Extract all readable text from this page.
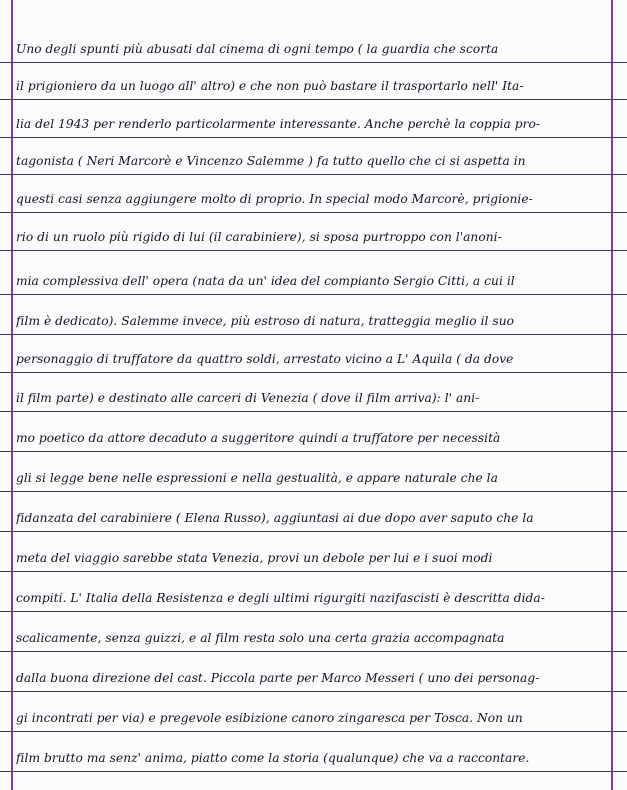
Uno degli spunti più abusati dal cinema di ogni tempo ( la guardia che scorta
il prigioniero da un luogo all' altro) e che non può bastare il trasportarlo nell' Ita-
lia del 1943 per renderlo particolarmente interessante. Anche perchè la coppia pro-
tagonista ( Neri Marcorè e Vincenzo Salemme ) fa tutto quello che ci si aspetta in
questi casi senza aggiungere molto di proprio. In special modo Marcorè, prigionie-
rio di un ruolo più rigido di lui (il carabiniere), si sposa purtroppo con l'anoni-
mia complessiva dell' opera (nata da un' idea del compianto Sergio Citti, a cui il
film è dedicato). Salemme invece, più estroso di natura, tratteggia meglio il suo
personaggio di truffatore da quattro soldi, arrestato vicino a L' Aquila ( da dove
il film parte) e destinato alle carceri di Venezia ( dove il film arriva): l' ani-
mo poetico da attore decaduto a suggeritore quindi a truffatore per necessità
gli si legge bene nelle espressioni e nella gestualità, e appare naturale che la
fidanzata del carabiniere ( Elena Russo), aggiuntasi ai due dopo aver saputo che la
meta del viaggio sarebbe stata Venezia, provi un debole per lui e i suoi modi
compiti. L' Italia della Resistenza e degli ultimi rigurgiti nazifascisti è descritta dida-
scalicamente, senza guizzi, e al film resta solo una certa grazia accompagnata
dalla buona direzione del cast. Piccola parte per Marco Messeri ( uno dei personag-
gi incontrati per via) e pregevole esibizione canoro zingaresca per Tosca. Non un
film brutto ma senz' anima, piatto come la storia (qualunque) che va a raccontare.
